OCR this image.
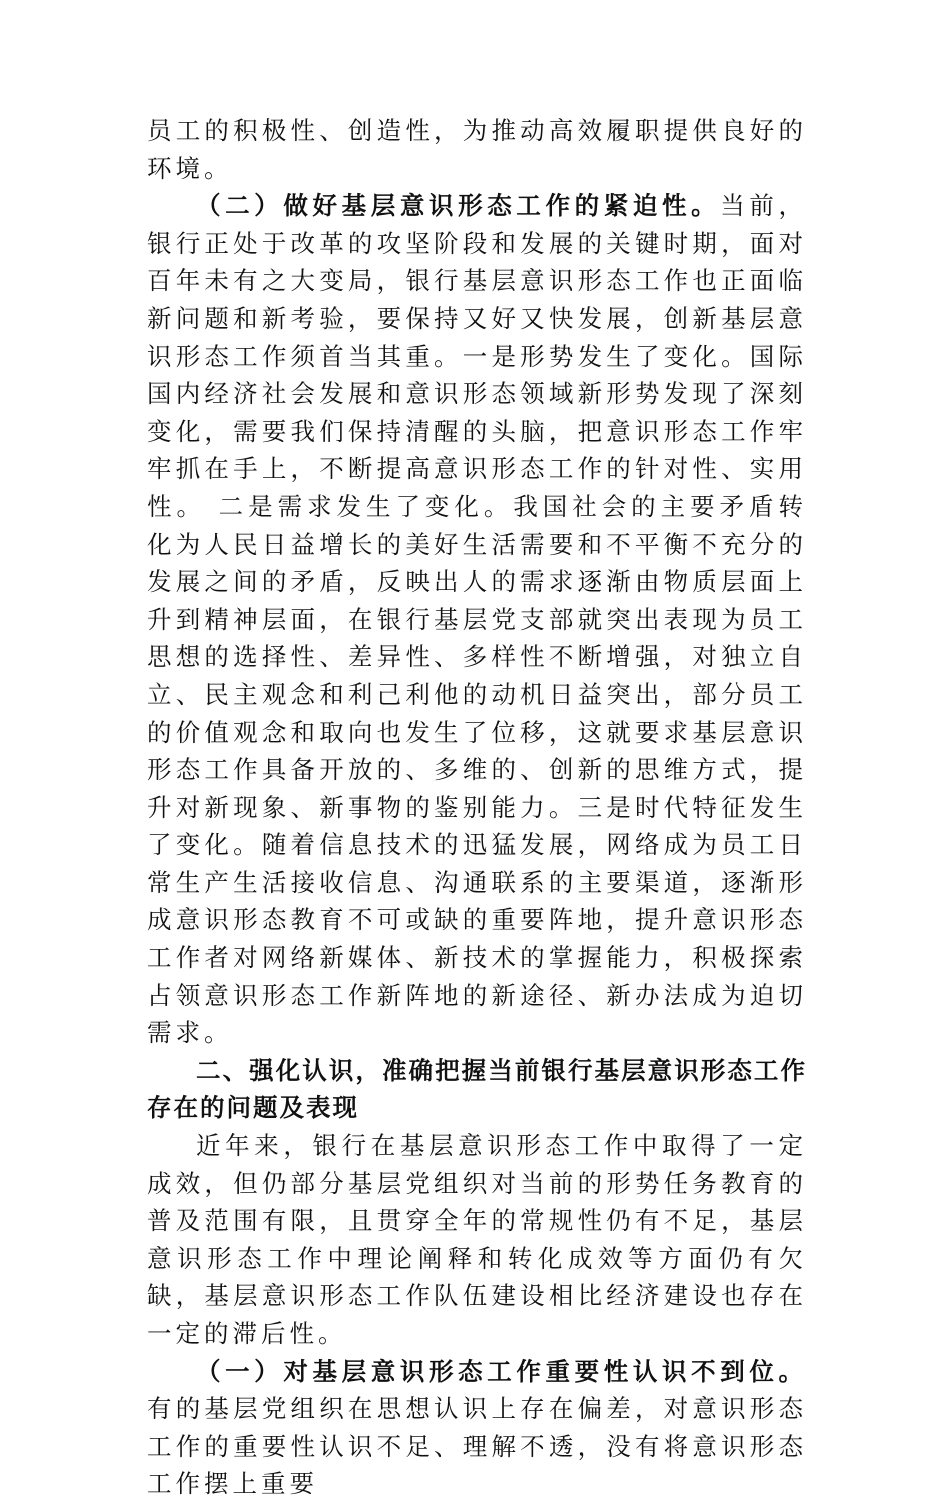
员工的积极性、创造性，为推动高效履职提供良好的环境。

（二）做好基层意识形态工作的紧迫性。当前，银行正处于改革的攻坚阶段和发展的关键时期，面对百年未有之大变局，银行基层意识形态工作也正面临新问题和新考验，要保持又好又快发展，创新基层意识形态工作须首当其重。一是形势发生了变化。国际国内经济社会发展和意识形态领域新形势发现了深刻变化，需要我们保持清醒的头脑，把意识形态工作牢牢抓在手上，不断提高意识形态工作的针对性、实用性。 二是需求发生了变化。我国社会的主要矛盾转化为人民日益增长的美好生活需要和不平衡不充分的发展之间的矛盾，反映出人的需求逐渐由物质层面上升到精神层面，在银行基层党支部就突出表现为员工思想的选择性、差异性、多样性不断增强，对独立自立、民主观念和利己利他的动机日益突出，部分员工的价值观念和取向也发生了位移，这就要求基层意识形态工作具备开放的、多维的、创新的思维方式，提升对新现象、新事物的鉴别能力。三是时代特征发生了变化。随着信息技术的迅猛发展，网络成为员工日常生产生活接收信息、沟通联系的主要渠道，逐渐形成意识形态教育不可或缺的重要阵地，提升意识形态工作者对网络新媒体、新技术的掌握能力，积极探索占领意识形态工作新阵地的新途径、新办法成为迫切需求。

二、强化认识，准确把握当前银行基层意识形态工作存在的问题及表现

近年来，银行在基层意识形态工作中取得了一定成效，但仍部分基层党组织对当前的形势任务教育的普及范围有限，且贯穿全年的常规性仍有不足，基层意识形态工作中理论阐释和转化成效等方面仍有欠缺，基层意识形态工作队伍建设相比经济建设也存在一定的滞后性。

（一）对基层意识形态工作重要性认识不到位。有的基层党组织在思想认识上存在偏差，对意识形态工作的重要性认识不足、理解不透，没有将意识形态工作摆上重要
